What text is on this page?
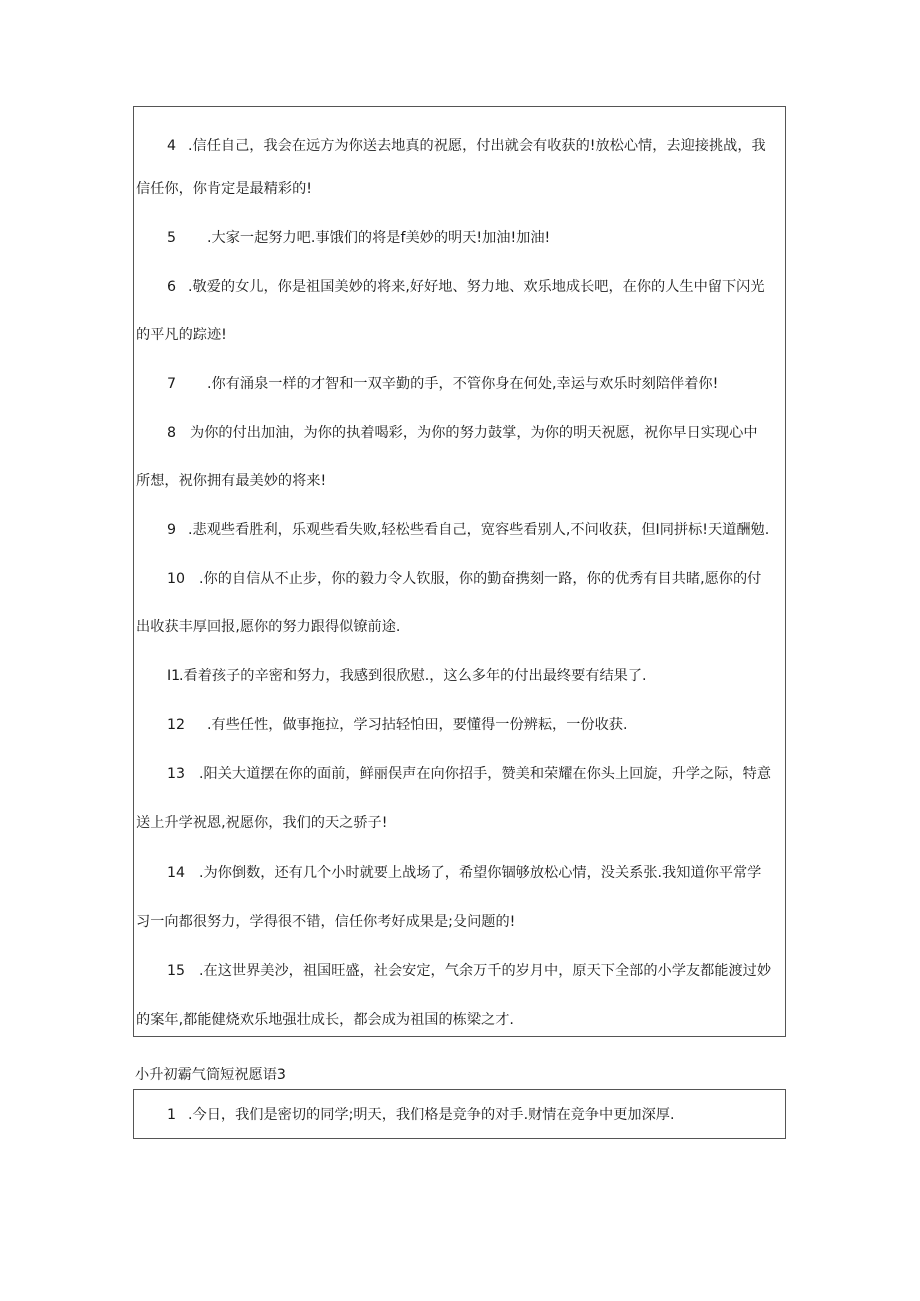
4 .信任自己，我会在远方为你送去地真的祝愿，付出就会有收获的!放松心情，去迎接挑战，我
信任你，你肯定是最精彩的!
5 .大家一起努力吧.事饿们的将是f美妙的明天!加油!加油!
6 .敬爱的女儿，你是祖国美妙的将来,好好地、努力地、欢乐地成长吧，在你的人生中留下闪光
的平凡的踪迹!
7 .你有涌泉一样的才智和一双辛勤的手，不管你身在何处,幸运与欢乐时刻陪伴着你!
8 为你的付出加油，为你的执着喝彩，为你的努力鼓掌，为你的明天祝愿，祝你早日实现心中
所想，祝你拥有最美妙的将来!
9 .悲观些看胜利，乐观些看失败,轻松些看自己，宽容些看别人,不问收获，但I同拼标!天道酬勉.
10 .你的自信从不止步，你的毅力令人钦服，你的勤奋携刻一路，你的优秀有目共睹,愿你的付
出收获丰厚回报,愿你的努力跟得似镣前途.
I1
.看着孩子的辛密和努力，我感到很欣慰.，这么多年的付出最终要有结果了.
12 .有些任性，做事拖拉，学习拈轻怕田，要懂得一份辨耘，一份收获.
13 .阳关大道摆在你的面前，鲜丽俣声在向你招手，赞美和荣耀在你头上回旋，升学之际，特意
送上升学祝恩,祝愿你，我们的天之骄子!
14 .为你倒数，还有几个小时就要上战场了，希望你锢够放松心情，没关系张.我知道你平常学
习一向都很努力，学得很不错，信任你考好成果是;殳问题的!
15 .在这世界美沙，祖国旺盛，社会安定，气余万千的岁月中，原天下全部的小学友都能渡过妙
的案年,都能健烧欢乐地强壮成长，都会成为祖国的栋梁之才.
小升初霸气筒短祝愿语3
1 .今日，我们是密切的同学;明天，我们格是竞争的对手.财情在竞争中更加深厚.
